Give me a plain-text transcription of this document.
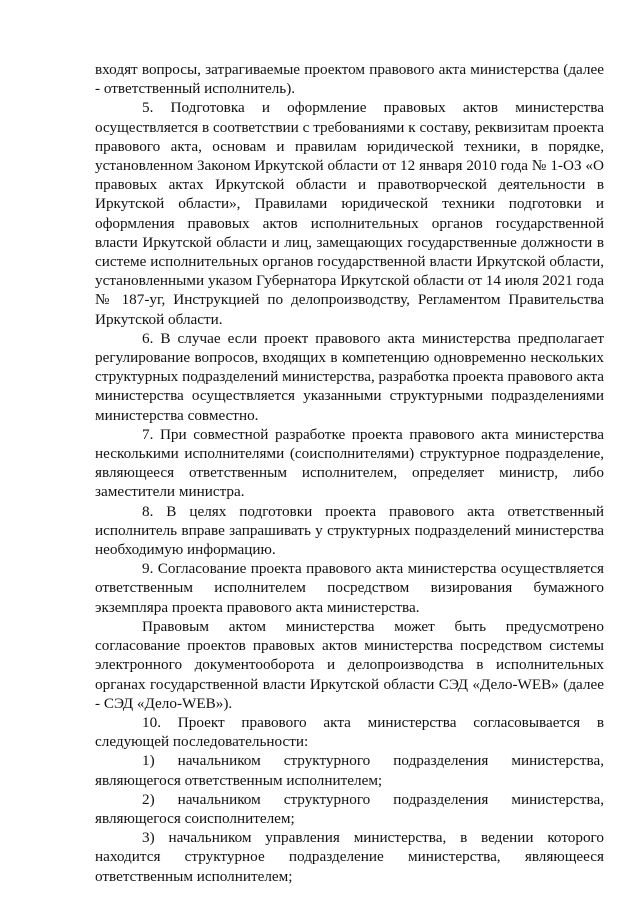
входят вопросы, затрагиваемые проектом правового акта министерства (далее - ответственный исполнитель).

5. Подготовка и оформление правовых актов министерства осуществляется в соответствии с требованиями к составу, реквизитам проекта правового акта, основам и правилам юридической техники, в порядке, установленном Законом Иркутской области от 12 января 2010 года № 1-ОЗ «О правовых актах Иркутской области и правотворческой деятельности в Иркутской области», Правилами юридической техники подготовки и оформления правовых актов исполнительных органов государственной власти Иркутской области и лиц, замещающих государственные должности в системе исполнительных органов государственной власти Иркутской области, установленными указом Губернатора Иркутской области от 14 июля 2021 года № 187-уг, Инструкцией по делопроизводству, Регламентом Правительства Иркутской области.

6. В случае если проект правового акта министерства предполагает регулирование вопросов, входящих в компетенцию одновременно нескольких структурных подразделений министерства, разработка проекта правового акта министерства осуществляется указанными структурными подразделениями министерства совместно.

7. При совместной разработке проекта правового акта министерства несколькими исполнителями (соисполнителями) структурное подразделение, являющееся ответственным исполнителем, определяет министр, либо заместители министра.

8. В целях подготовки проекта правового акта ответственный исполнитель вправе запрашивать у структурных подразделений министерства необходимую информацию.

9. Согласование проекта правового акта министерства осуществляется ответственным исполнителем посредством визирования бумажного экземпляра проекта правового акта министерства.

Правовым актом министерства может быть предусмотрено согласование проектов правовых актов министерства посредством системы электронного документооборота и делопроизводства в исполнительных органах государственной власти Иркутской области СЭД «Дело-WEB» (далее - СЭД «Дело-WEB»).

10. Проект правового акта министерства согласовывается в следующей последовательности:

1) начальником структурного подразделения министерства, являющегося ответственным исполнителем;

2) начальником структурного подразделения министерства, являющегося соисполнителем;

3) начальником управления министерства, в ведении которого находится структурное подразделение министерства, являющееся ответственным исполнителем;
